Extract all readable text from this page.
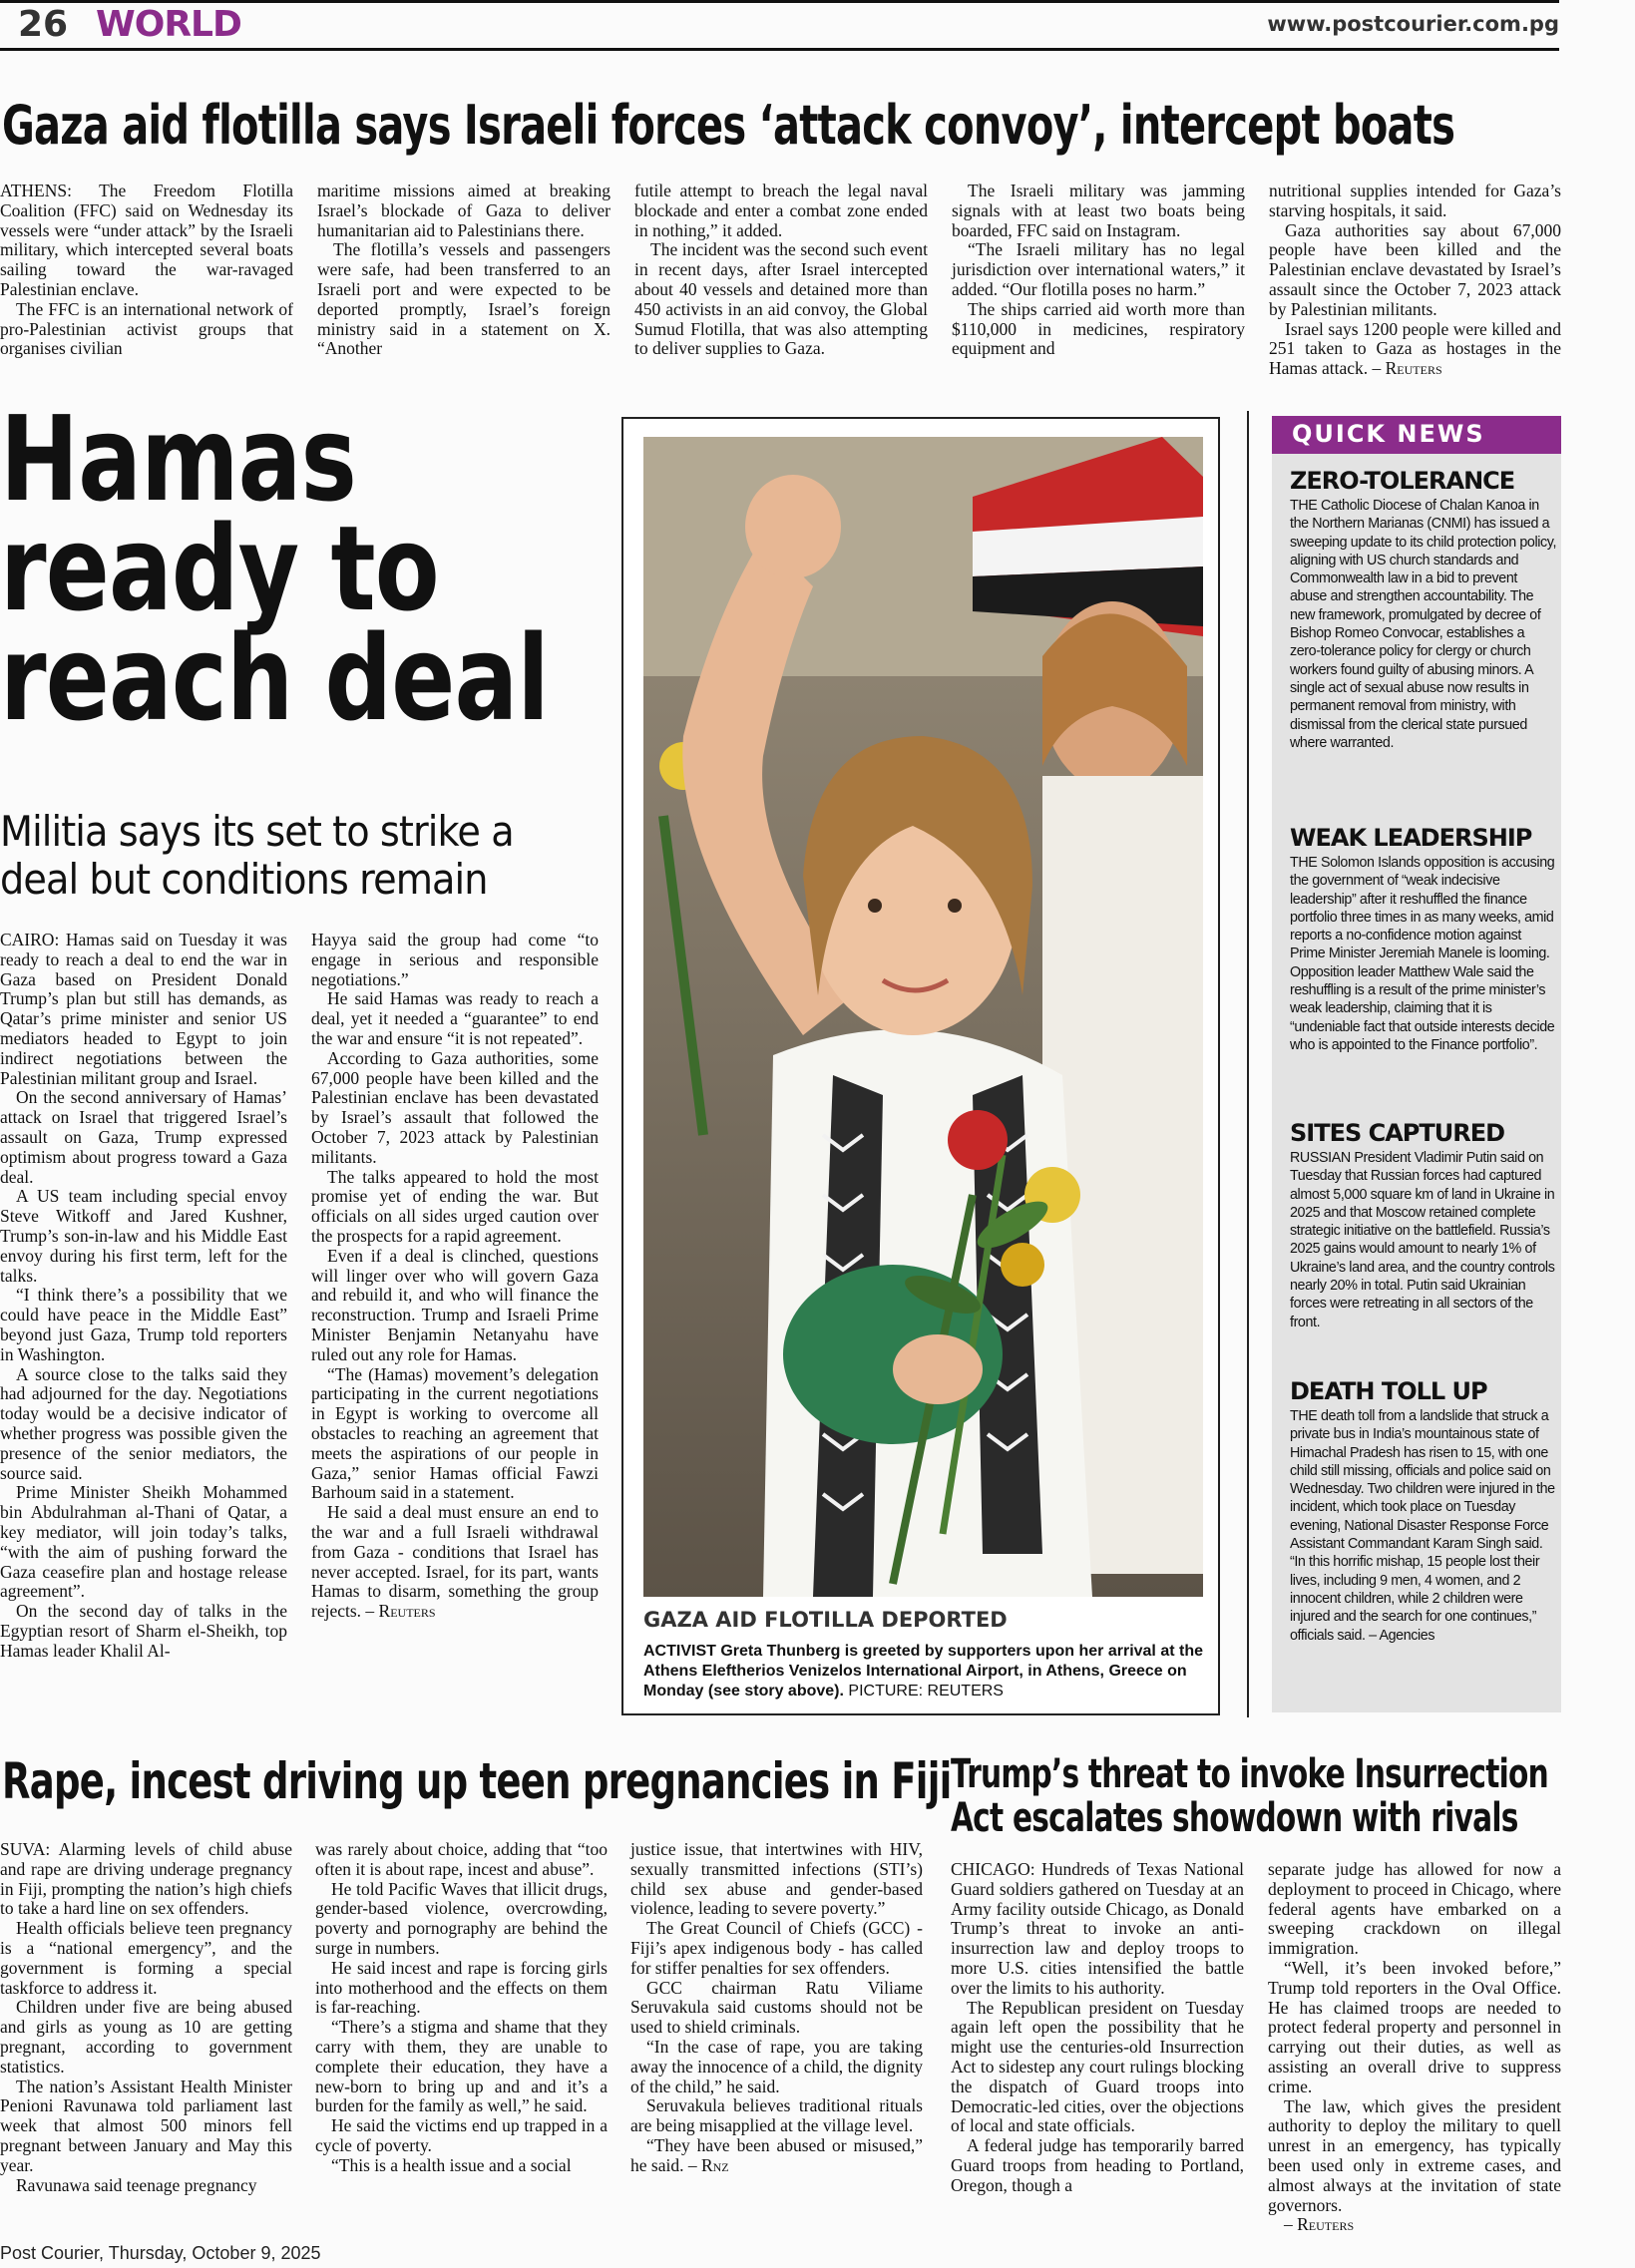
26 WORLD	www.postcourier.com.pg
Gaza aid flotilla says Israeli forces ‘attack convoy’, intercept boats

ATHENS: The Freedom Flotilla Coalition (FFC) said on Wednesday its vessels were “under attack” by the Israeli military, which intercepted several boats sailing toward the war-ravaged Palestinian enclave.

The FFC is an international network of pro-Palestinian activist groups that organises civilian

maritime missions aimed at breaking Israel’s blockade of Gaza to deliver humanitarian aid to Palestinians there.

The flotilla’s vessels and passengers were safe, had been transferred to an Israeli port and were expected to be deported promptly, Israel’s foreign ministry said in a statement on X. “Another

futile attempt to breach the legal naval blockade and enter a combat zone ended in nothing,” it added.

The incident was the second such event in recent days, after Israel intercepted about 40 vessels and detained more than 450 activists in an aid convoy, the Global Sumud Flotilla, that was also attempting to deliver supplies to Gaza.

The Israeli military was jamming signals with at least two boats being boarded, FFC said on Instagram.

“The Israeli military has no legal jurisdiction over international waters,” it added. “Our flotilla poses no harm.”

The ships carried aid worth more than $110,000 in medicines, respiratory equipment and

nutritional supplies intended for Gaza’s starving hospitals, it said.

Gaza authorities say about 67,000 people have been killed and the Palestinian enclave devastated by Israel’s assault since the October 7, 2023 attack by Palestinian militants.

Israel says 1200 people were killed and 251 taken to Gaza as hostages in the Hamas attack. – Reuters

Hamas
ready to
reach deal
Militia says its set to strike a
deal but conditions remain

CAIRO: Hamas said on Tuesday it was ready to reach a deal to end the war in Gaza based on President Donald Trump’s plan but still has demands, as Qatar’s prime minister and senior US mediators headed to Egypt to join indirect negotiations between the Palestinian militant group and Israel.

On the second anniversary of Hamas’ attack on Israel that triggered Israel’s assault on Gaza, Trump expressed optimism about progress toward a Gaza deal.

A US team including special envoy Steve Witkoff and Jared Kushner, Trump’s son-in-law and his Middle East envoy during his first term, left for the talks.

“I think there’s a possibility that we could have peace in the Middle East” beyond just Gaza, Trump told reporters in Washington.

A source close to the talks said they had adjourned for the day. Negotiations today would be a decisive indicator of whether progress was possible given the presence of the senior mediators, the source said.

Prime Minister Sheikh Mohammed bin Abdulrahman al-Thani of Qatar, a key mediator, will join today’s talks, “with the aim of pushing forward the Gaza ceasefire plan and hostage release agreement”.

On the second day of talks in the Egyptian resort of Sharm el-Sheikh, top Hamas leader Khalil Al-

Hayya said the group had come “to engage in serious and responsible negotiations.”

He said Hamas was ready to reach a deal, yet it needed a “guarantee” to end the war and ensure “it is not repeated”.

According to Gaza authorities, some 67,000 people have been killed and the Palestinian enclave has been devastated by Israel’s assault that followed the October 7, 2023 attack by Palestinian militants.

The talks appeared to hold the most promise yet of ending the war. But officials on all sides urged caution over the prospects for a rapid agreement.

Even if a deal is clinched, questions will linger over who will govern Gaza and rebuild it, and who will finance the reconstruction. Trump and Israeli Prime Minister Benjamin Netanyahu have ruled out any role for Hamas.

“The (Hamas) movement’s delegation participating in the current negotiations in Egypt is working to overcome all obstacles to reaching an agreement that meets the aspirations of our people in Gaza,” senior Hamas official Fawzi Barhoum said in a statement.

He said a deal must ensure an end to the war and a full Israeli withdrawal from Gaza - conditions that Israel has never accepted. Israel, for its part, wants Hamas to disarm, something the group rejects. – Reuters	GAZA AID FLOTILLA DEPORTED
ACTIVIST Greta Thunberg is greeted by supporters upon her arrival at the Athens Eleftherios Venizelos International Airport, in Athens, Greece on Monday (see story above). PICTURE: REUTERS
QUICK NEWS
ZERO-TOLERANCE
THE Catholic Diocese of Chalan Kanoa in the Northern Marianas (CNMI) has issued a sweeping update to its child protection policy, aligning with US church standards and Commonwealth law in a bid to prevent abuse and strengthen accountability. The new framework, promulgated by decree of Bishop Romeo Convocar, establishes a zero-tolerance policy for clergy or church workers found guilty of abusing minors. A single act of sexual abuse now results in permanent removal from ministry, with dismissal from the clerical state pursued where warranted.
WEAK LEADERSHIP
THE Solomon Islands opposition is accusing the government of “weak indecisive leadership” after it reshuffled the finance portfolio three times in as many weeks, amid reports a no-confidence motion against Prime Minister Jeremiah Manele is looming. Opposition leader Matthew Wale said the reshuffling is a result of the prime minister’s weak leadership, claiming that it is “undeniable fact that outside interests decide who is appointed to the Finance portfolio”.
SITES CAPTURED
RUSSIAN President Vladimir Putin said on Tuesday that Russian forces had captured almost 5,000 square km of land in Ukraine in 2025 and that Moscow retained complete strategic initiative on the battlefield. Russia’s 2025 gains would amount to nearly 1% of Ukraine’s land area, and the country controls nearly 20% in total. Putin said Ukrainian forces were retreating in all sectors of the front.
DEATH TOLL UP
THE death toll from a landslide that struck a private bus in India’s mountainous state of Himachal Pradesh has risen to 15, with one child still missing, officials and police said on Wednesday. Two children were injured in the incident, which took place on Tuesday evening, National Disaster Response Force Assistant Commandant Karam Singh said. “In this horrific mishap, 15 people lost their lives, including 9 men, 4 women, and 2 innocent children, while 2 children were injured and the search for one continues,” officials said. – Agencies
Rape, incest driving up teen pregnancies in Fiji

SUVA: Alarming levels of child abuse and rape are driving underage pregnancy in Fiji, prompting the nation’s high chiefs to take a hard line on sex offenders.

Health officials believe teen pregnancy is a “national emergency”, and the government is forming a special taskforce to address it.

Children under five are being abused and girls as young as 10 are getting pregnant, according to government statistics.

The nation’s Assistant Health Minister Penioni Ravunawa told parliament last week that almost 500 minors fell pregnant between January and May this year.

Ravunawa said teenage pregnancy

was rarely about choice, adding that “too often it is about rape, incest and abuse”.

He told Pacific Waves that illicit drugs, gender-based violence, overcrowding, poverty and pornography are behind the surge in numbers.

He said incest and rape is forcing girls into motherhood and the effects on them is far-reaching.

“There’s a stigma and shame that they carry with them, they are unable to complete their education, they have a new-born to bring up and and it’s a burden for the family as well,” he said.

He said the victims end up trapped in a cycle of poverty.

“This is a health issue and a social

justice issue, that intertwines with HIV, sexually transmitted infections (STI’s) child sex abuse and gender-based violence, leading to severe poverty.”

The Great Council of Chiefs (GCC) - Fiji’s apex indigenous body - has called for stiffer penalties for sex offenders.

GCC chairman Ratu Viliame Seruvakula said customs should not be used to shield criminals.

“In the case of rape, you are taking away the innocence of a child, the dignity of the child,” he said.

Seruvakula believes traditional rituals are being misapplied at the village level.

“They have been abused or misused,” he said. – Rnz

Trump’s threat to invoke Insurrection
Act escalates showdown with rivals

CHICAGO: Hundreds of Texas National Guard soldiers gathered on Tuesday at an Army facility outside Chicago, as Donald Trump’s threat to invoke an anti-insurrection law and deploy troops to more U.S. cities intensified the battle over the limits to his authority.

The Republican president on Tuesday again left open the possibility that he might use the centuries-old Insurrection Act to sidestep any court rulings blocking the dispatch of Guard troops into Democratic-led cities, over the objections of local and state officials.

A federal judge has temporarily barred Guard troops from heading to Portland, Oregon, though a

separate judge has allowed for now a deployment to proceed in Chicago, where federal agents have embarked on a sweeping crackdown on illegal immigration.

“Well, it’s been invoked before,” Trump told reporters in the Oval Office. He has claimed troops are needed to protect federal property and personnel in carrying out their duties, as well as assisting an overall drive to suppress crime.

The law, which gives the president authority to deploy the military to quell unrest in an emergency, has typically been used only in extreme cases, and almost always at the invitation of state governors.

– Reuters

Post Courier, Thursday, October 9, 2025
